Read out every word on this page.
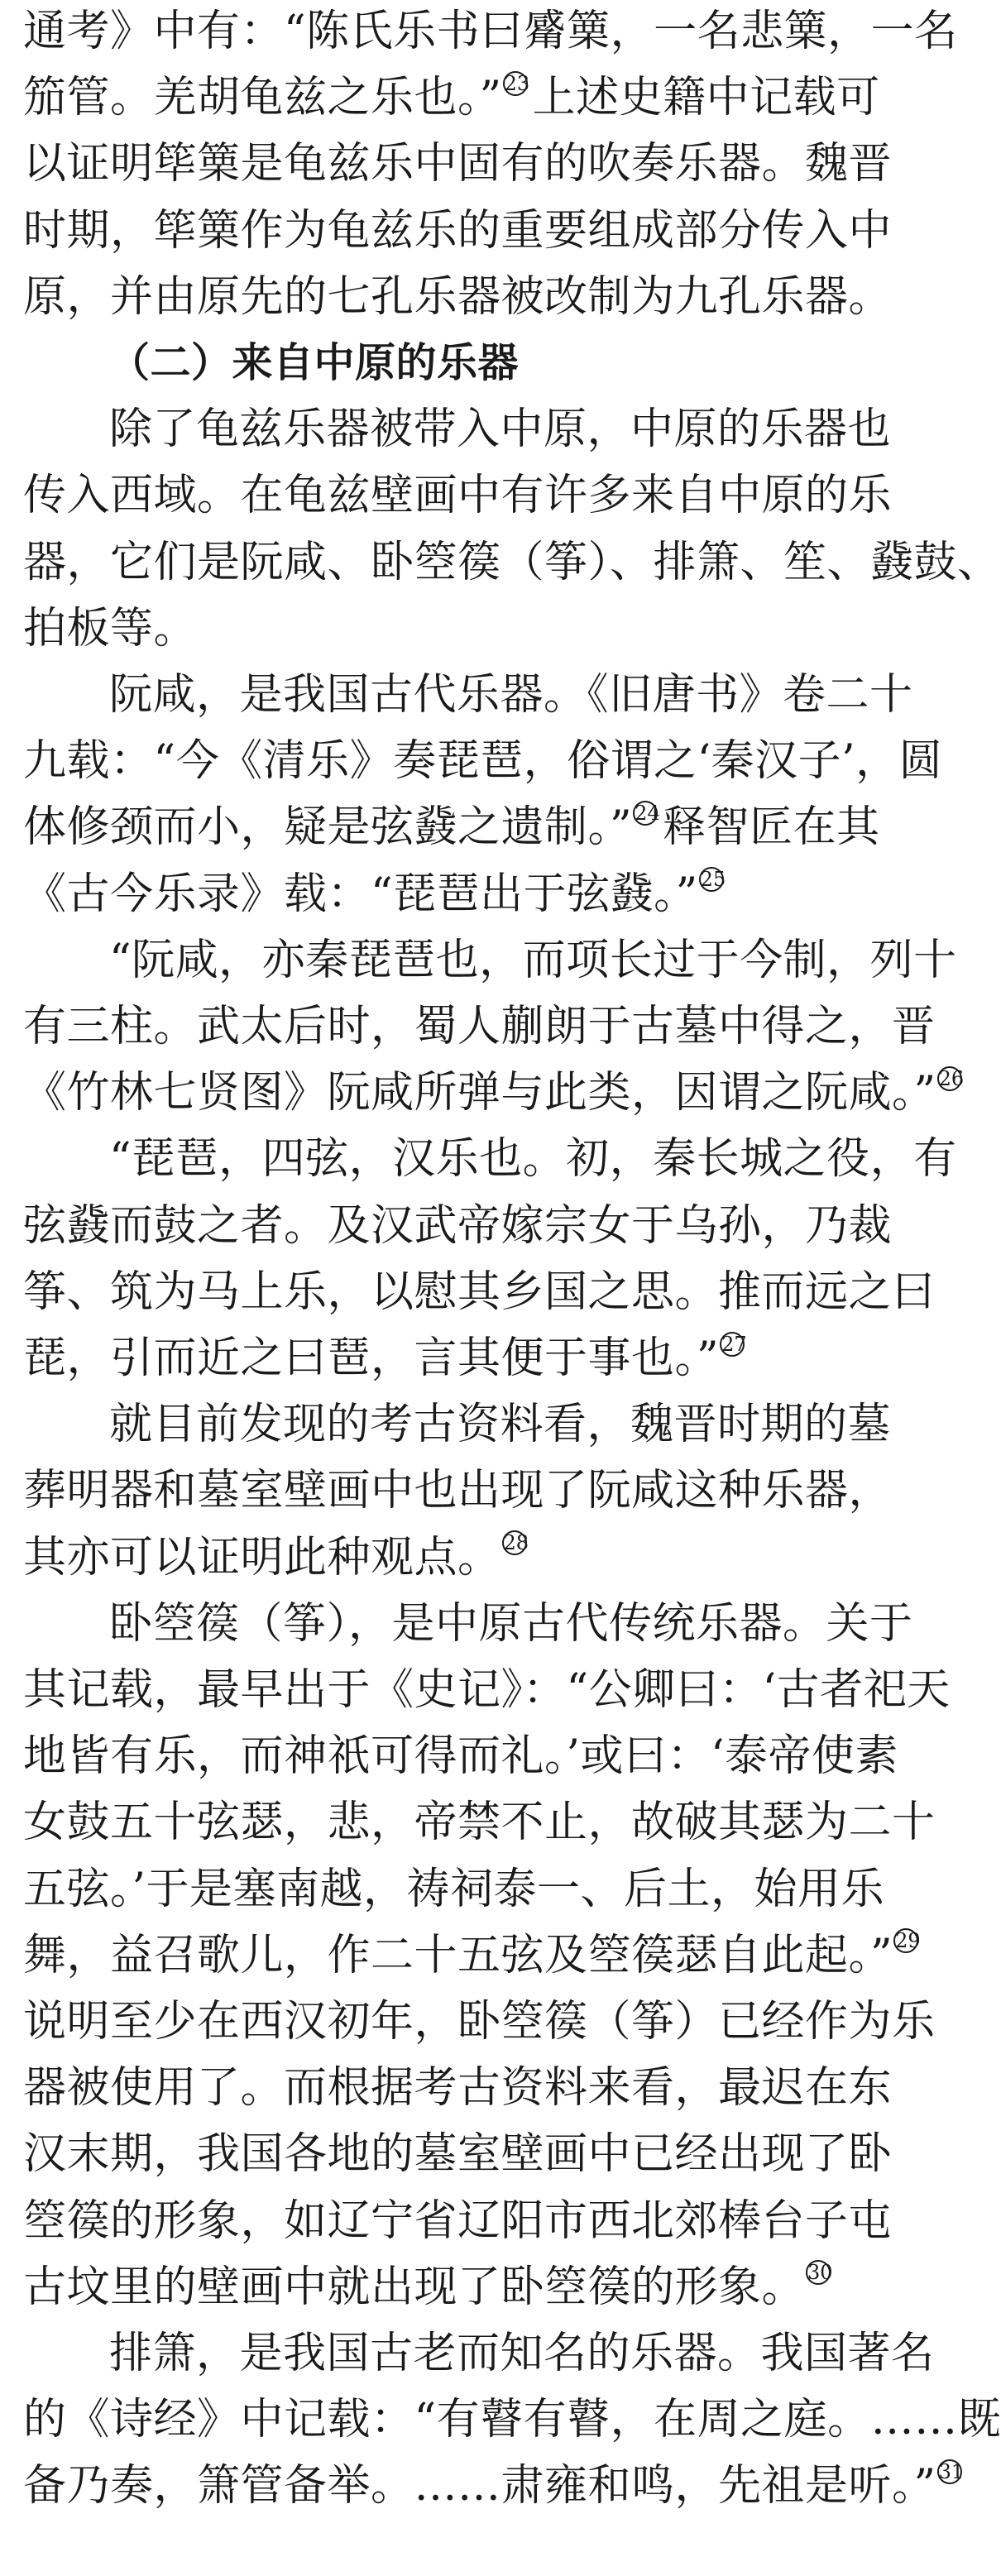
通考》中有：“陈氏乐书曰觱篥，一名悲篥，一名
笳管。羌胡龟兹之乐也。” 23上述史籍中记载可
以证明筚篥是龟兹乐中固有的吹奏乐器。魏晋
时期，筚篥作为龟兹乐的重要组成部分传入中
原，并由原先的七孔乐器被改制为九孔乐器。
（二）来自中原的乐器
除了龟兹乐器被带入中原，中原的乐器也
传入西域。在龟兹壁画中有许多来自中原的乐
器，它们是阮咸、卧箜篌（筝）、排箫、笙、鼗鼓、
拍板等。
阮咸，是我国古代乐器。《旧唐书》卷二十
九载：“今《清乐》奏琵琶，俗谓之‘秦汉子’，圆
体修颈而小，疑是弦鼗之遗制。” 24释智匠在其
《古今乐录》载：“琵琶出于弦鼗。” 25
“阮咸，亦秦琵琶也，而项长过于今制，列十
有三柱。武太后时，蜀人蒯朗于古墓中得之，晋
《竹林七贤图》阮咸所弹与此类，因谓之阮咸。” 26
“琵琶，四弦，汉乐也。初，秦长城之役，有
弦鼗而鼓之者。及汉武帝嫁宗女于乌孙，乃裁
筝、筑为马上乐，以慰其乡国之思。推而远之曰
琵，引而近之曰琶，言其便于事也。” 27
就目前发现的考古资料看，魏晋时期的墓
葬明器和墓室壁画中也出现了阮咸这种乐器，
其亦可以证明此种观点。 28
卧箜篌（筝），是中原古代传统乐器。关于
其记载，最早出于《史记》：“公卿曰：‘古者祀天
地皆有乐，而神祇可得而礼。’或曰：‘泰帝使素
女鼓五十弦瑟，悲，帝禁不止，故破其瑟为二十
五弦。’于是塞南越，祷祠泰一、后土，始用乐
舞，益召歌儿，作二十五弦及箜篌瑟自此起。” 29
说明至少在西汉初年，卧箜篌（筝）已经作为乐
器被使用了。而根据考古资料来看，最迟在东
汉末期，我国各地的墓室壁画中已经出现了卧
箜篌的形象，如辽宁省辽阳市西北郊棒台子屯
古坟里的壁画中就出现了卧箜篌的形象。 30
排箫，是我国古老而知名的乐器。我国著名
的《诗经》中记载：“有瞽有瞽，在周之庭。……既
备乃奏，箫管备举。……肃雍和鸣，先祖是听。” 31
